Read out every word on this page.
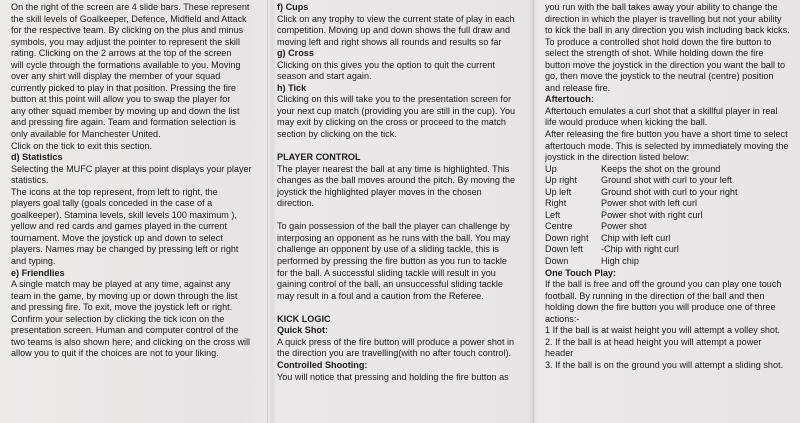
On the right of the screen are 4 slide bars. These represent
the skill levels of Goalkeeper, Defence, Midfield and Attack
for the respective team. By clicking on the plus and minus
symbols, you may adjust the pointer to represent the skill
rating. Clicking on the 2 arrows at the top of the screen
will cycle through the formations available to you. Moving
over any shirt will display the member of your squad
currently picked to play in that position. Pressing the fire
button at this point will allow you to swap the player for
any other squad member by moving up and down the list
and pressing fire again. Team and formation selection is
only available for Manchester United.
Click on the tick to exit this section.
d) Statistics
Selecting the MUFC player at this point displays your player
statistics.
The icons at the top represent, from left to right, the
players goal tally (goals conceded in the case of a
goalkeeper). Stamina levels, skill levels 100 maximum ),
yellow and red cards and games played in the current
tournament. Move the joystick up and down to select
players. Names may be changed by pressing left or right
and typing.
e) Friendlies
A single match may be played at any time, against any
team in the game, by moving up or down through the list
and pressing fire. To exit, move the joystick left or right.
Confirm your selection by clicking the tick icon on the
presentation screen. Human and computer control of the
two teams is also shown here; and clicking on the cross will
allow you to quit if the choices are not to your liking.
f) Cups
Click on any trophy to view the current state of play in each
competition. Moving up and down shows the full draw and
moving left and right shows all rounds and results so far
g) Cross
Clicking on this gives you the option to quit the current
season and start again.
h) Tick
Clicking on this will take you to the presentation screen for
your next cup match (providing you are still in the cup). You
may exit by clicking on the cross or proceed to the match
section by clicking on the tick.
PLAYER CONTROL
The player nearest the ball at any time is highlighted. This
changes as the ball moves around the pitch. By moving the
joystick the highlighted player moves in the chosen
direction.
To gain possession of the ball the player can challenge by
interposing an opponent as he runs with the ball. You may
challenge an opponent by use of a sliding tackle, this is
performed by pressing the fire button as you run to tackle
for the ball. A successful sliding tackle will result in you
gaining control of the ball, an unsuccessful sliding tackle
may result in a foul and a caution from the Referee.
KICK LOGIC
Quick Shot:
A quick press of the fire button will produce a power shot in
the direction you are travelling(with no after touch control).
Controlled Shooting:
You will notice that pressing and holding the fire button as
you run with the ball takes away your ability to change the
direction in which the player is travelling but not your ability
to kick the ball in any direction you wish including back kicks.
To produce a controlled shot hold down the fire button to
select the strength of shot. While holding down the fire
button move the joystick in the direction you want the ball to
go, then move the joystick to the neutral (centre) position
and release fire.
Aftertouch:
Aftertouch emulates a curl shot that a skillful player in real
life would produce when kicking the ball.
After releasing the fire button you have a short time to select
aftertouch mode. This is selected by immediately moving the
joystick in the direction listed below:
Up	Keeps the shot on the ground
Up right	Ground shot with curl to your left
Up left	Ground shot with curl to your right
Right	Power shot with left curl
Left	Power shot with right curl
Centre	Power shot
Down right	Chip with left curl
Down left	-Chip with right curl
Down	High chip
One Touch Play:
If the ball is free and off the ground you can play one touch
football. By running in the direction of the ball and then
holding down the fire button you will produce one of three
actions:-
1 If the ball is at waist height you will attempt a volley shot.
2. If the ball is at head height you will attempt a power
header
3. If the ball is on the ground you will attempt a sliding shot.
